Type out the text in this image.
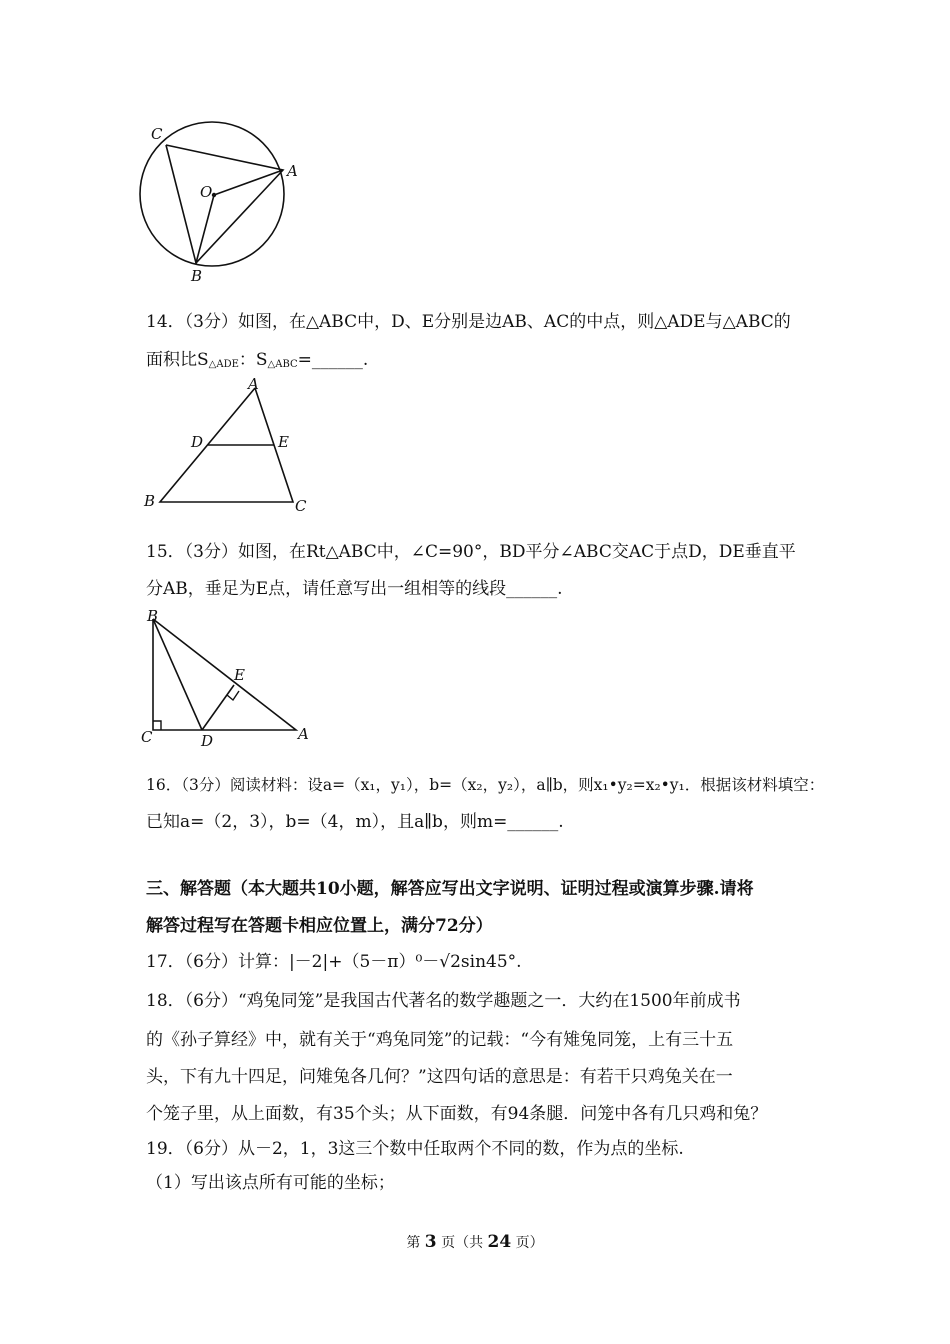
C
O
A
B
14．（3分）如图，在△ABC中，D、E分别是边AB、AC的中点，则△ADE与△ABC的
面积比S△ADE：S△ABC=______.
A
D	E
B	C
15．（3分）如图，在Rt△ABC中，∠C=90°，BD平分∠ABC交AC于点D，DE垂直平
分AB，垂足为E点，请任意写出一组相等的线段______.
B
E
C	D	A
16．（3分）阅读材料：设a=（x₁，y₁），b=（x₂，y₂），a∥b，则x₁•y₂=x₂•y₁．根据该材料填空：
已知a=（2，3），b=（4，m），且a∥b，则m=______.
三、解答题（本大题共10小题，解答应写出文字说明、证明过程或演算步骤.请将
解答过程写在答题卡相应位置上，满分72分）
17．（6分）计算：|－2|+（5－π）⁰－√2sin45°.
18．（6分）“鸡兔同笼”是我国古代著名的数学趣题之一．大约在1500年前成书
的《孙子算经》中，就有关于“鸡兔同笼”的记载：“今有雉兔同笼，上有三十五
头，下有九十四足，问雉兔各几何？”这四句话的意思是：有若干只鸡兔关在一
个笼子里，从上面数，有35个头；从下面数，有94条腿．问笼中各有几只鸡和兔？
19．（6分）从－2，1，3这三个数中任取两个不同的数，作为点的坐标.
（1）写出该点所有可能的坐标；
第 3 页（共 24 页）
